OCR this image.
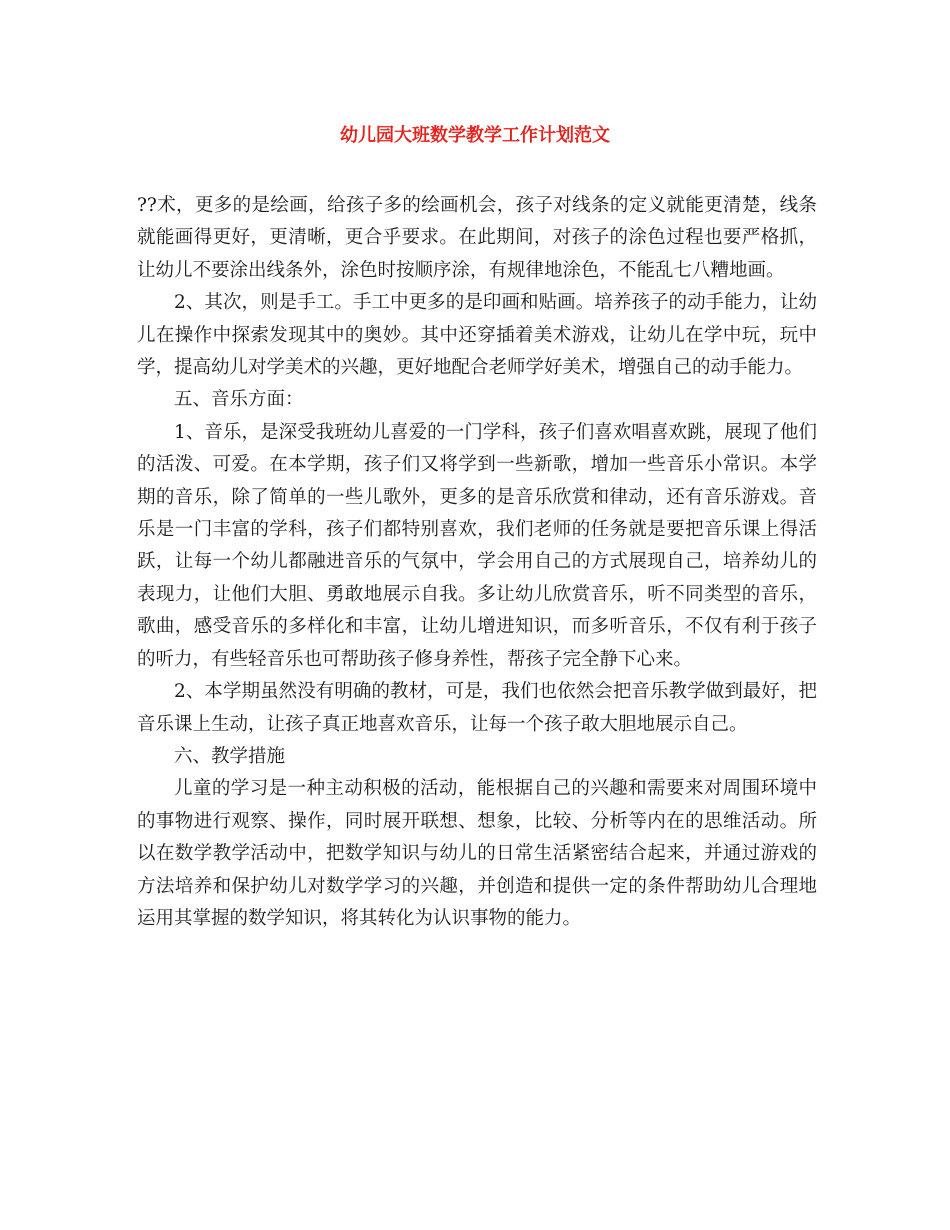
幼儿园大班数学教学工作计划范文

??术，更多的是绘画，给孩子多的绘画机会，孩子对线条的定义就能更清楚，线条就能画得更好，更清晰，更合乎要求。在此期间，对孩子的涂色过程也要严格抓，让幼儿不要涂出线条外，涂色时按顺序涂，有规律地涂色，不能乱七八糟地画。

2、其次，则是手工。手工中更多的是印画和贴画。培养孩子的动手能力，让幼儿在操作中探索发现其中的奥妙。其中还穿插着美术游戏，让幼儿在学中玩，玩中学，提高幼儿对学美术的兴趣，更好地配合老师学好美术，增强自己的动手能力。

五、音乐方面：

1、音乐，是深受我班幼儿喜爱的一门学科，孩子们喜欢唱喜欢跳，展现了他们的活泼、可爱。在本学期，孩子们又将学到一些新歌，增加一些音乐小常识。本学期的音乐，除了简单的一些儿歌外，更多的是音乐欣赏和律动，还有音乐游戏。音乐是一门丰富的学科，孩子们都特别喜欢，我们老师的任务就是要把音乐课上得活跃，让每一个幼儿都融进音乐的气氛中，学会用自己的方式展现自己，培养幼儿的表现力，让他们大胆、勇敢地展示自我。多让幼儿欣赏音乐，听不同类型的音乐，歌曲，感受音乐的多样化和丰富，让幼儿增进知识，而多听音乐，不仅有利于孩子的听力，有些轻音乐也可帮助孩子修身养性，帮孩子完全静下心来。

2、本学期虽然没有明确的教材，可是，我们也依然会把音乐教学做到最好，把音乐课上生动，让孩子真正地喜欢音乐，让每一个孩子敢大胆地展示自己。

六、教学措施

儿童的学习是一种主动积极的活动，能根据自己的兴趣和需要来对周围环境中的事物进行观察、操作，同时展开联想、想象，比较、分析等内在的思维活动。所以在数学教学活动中，把数学知识与幼儿的日常生活紧密结合起来，并通过游戏的方法培养和保护幼儿对数学学习的兴趣，并创造和提供一定的条件帮助幼儿合理地运用其掌握的数学知识，将其转化为认识事物的能力。
